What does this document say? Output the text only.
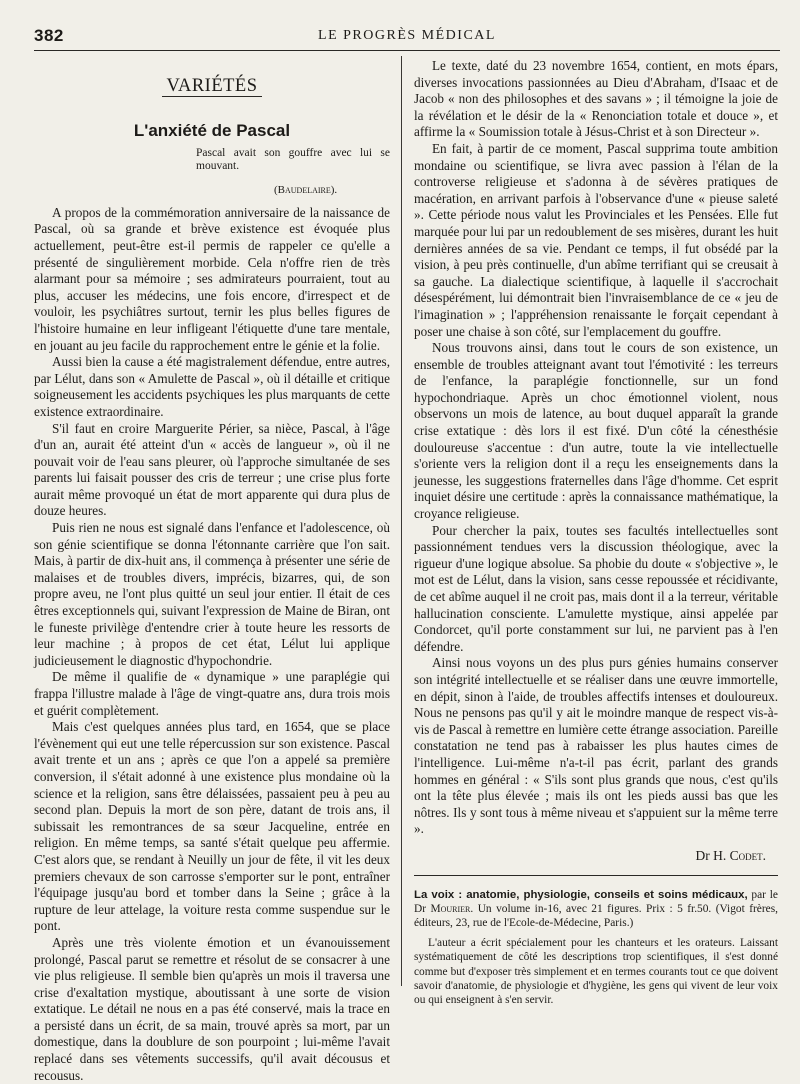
382	LE PROGRÈS MÉDICAL
VARIÉTÉS
L'anxiété de Pascal
Pascal avait son gouffre avec lui se mouvant.
(Baudelaire).

A propos de la commémoration anniversaire de la naissance de Pascal, où sa grande et brève existence est évoquée plus actuellement, peut-être est-il permis de rappeler ce qu'elle a présenté de singulièrement morbide. Cela n'offre rien de très alarmant pour sa mémoire ; ses admirateurs pourraient, tout au plus, accuser les médecins, une fois encore, d'irrespect et de vouloir, les psychiâtres surtout, ternir les plus belles figures de l'histoire humaine en leur infligeant l'étiquette d'une tare mentale, en jouant au jeu facile du rapprochement entre le génie et la folie.

Aussi bien la cause a été magistralement défendue, entre autres, par Lélut, dans son « Amulette de Pascal », où il détaille et critique soigneusement les accidents psychiques les plus marquants de cette existence extraordinaire.

S'il faut en croire Marguerite Périer, sa nièce, Pascal, à l'âge d'un an, aurait été atteint d'un « accès de langueur », où il ne pouvait voir de l'eau sans pleurer, où l'approche simultanée de ses parents lui faisait pousser des cris de terreur ; une crise plus forte aurait même provoqué un état de mort apparente qui dura plus de douze heures.

Puis rien ne nous est signalé dans l'enfance et l'adolescence, où son génie scientifique se donna l'étonnante carrière que l'on sait. Mais, à partir de dix-huit ans, il commença à présenter une série de malaises et de troubles divers, imprécis, bizarres, qui, de son propre aveu, ne l'ont plus quitté un seul jour entier. Il était de ces êtres exceptionnels qui, suivant l'expression de Maine de Biran, ont le funeste privilège d'entendre crier à toute heure les ressorts de leur machine ; à propos de cet état, Lélut lui applique judicieusement le diagnostic d'hypochondrie.

De même il qualifie de « dynamique » une paraplégie qui frappa l'illustre malade à l'âge de vingt-quatre ans, dura trois mois et guérit complètement.

Mais c'est quelques années plus tard, en 1654, que se place l'évènement qui eut une telle répercussion sur son existence. Pascal avait trente et un ans ; après ce que l'on a appelé sa première conversion, il s'était adonné à une existence plus mondaine où la science et la religion, sans être délaissées, passaient peu à peu au second plan. Depuis la mort de son père, datant de trois ans, il subissait les remontrances de sa sœur Jacqueline, entrée en religion. En même temps, sa santé s'était quelque peu affermie. C'est alors que, se rendant à Neuilly un jour de fête, il vit les deux premiers chevaux de son carrosse s'emporter sur le pont, entraîner l'équipage jusqu'au bord et tomber dans la Seine ; grâce à la rupture de leur attelage, la voiture resta comme suspendue sur le pont.

Après une très violente émotion et un évanouissement prolongé, Pascal parut se remettre et résolut de se consacrer à une vie plus religieuse. Il semble bien qu'après un mois il traversa une crise d'exaltation mystique, aboutissant à une sorte de vision extatique. Le détail ne nous en a pas été conservé, mais la trace en a persisté dans un écrit, de sa main, trouvé après sa mort, par un domestique, dans la doublure de son pourpoint ; lui-même l'avait replacé dans ses vêtements successifs, qu'il avait décousus et recousus.

Le texte, daté du 23 novembre 1654, contient, en mots épars, diverses invocations passionnées au Dieu d'Abraham, d'Isaac et de Jacob « non des philosophes et des savans » ; il témoigne la joie de la révélation et le désir de la « Renonciation totale et douce », et affirme la « Soumission totale à Jésus-Christ et à son Directeur ».

En fait, à partir de ce moment, Pascal supprima toute ambition mondaine ou scientifique, se livra avec passion à l'élan de la controverse religieuse et s'adonna à de sévères pratiques de macération, en arrivant parfois à l'observance d'une « pieuse saleté ». Cette période nous valut les Provinciales et les Pensées. Elle fut marquée pour lui par un redoublement de ses misères, durant les huit dernières années de sa vie. Pendant ce temps, il fut obsédé par la vision, à peu près continuelle, d'un abîme terrifiant qui se creusait à sa gauche. La dialectique scientifique, à laquelle il s'accrochait désespérément, lui démontrait bien l'invraisemblance de ce « jeu de l'imagination » ; l'appréhension renaissante le forçait cependant à poser une chaise à son côté, sur l'emplacement du gouffre.

Nous trouvons ainsi, dans tout le cours de son existence, un ensemble de troubles atteignant avant tout l'émotivité : les terreurs de l'enfance, la paraplégie fonctionnelle, sur un fond hypochondriaque. Après un choc émotionnel violent, nous observons un mois de latence, au bout duquel apparaît la grande crise extatique : dès lors il est fixé. D'un côté la cénesthésie douloureuse s'accentue : d'un autre, toute la vie intellectuelle s'oriente vers la religion dont il a reçu les enseignements dans la jeunesse, les suggestions fraternelles dans l'âge d'homme. Cet esprit inquiet désire une certitude : après la connaissance mathématique, la croyance religieuse.

Pour chercher la paix, toutes ses facultés intellectuelles sont passionnément tendues vers la discussion théologique, avec la rigueur d'une logique absolue. Sa phobie du doute « s'objective », le mot est de Lélut, dans la vision, sans cesse repoussée et récidivante, de cet abîme auquel il ne croit pas, mais dont il a la terreur, véritable hallucination consciente. L'amulette mystique, ainsi appelée par Condorcet, qu'il porte constamment sur lui, ne parvient pas à l'en défendre.

Ainsi nous voyons un des plus purs génies humains conserver son intégrité intellectuelle et se réaliser dans une œuvre immortelle, en dépit, sinon à l'aide, de troubles affectifs intenses et douloureux. Nous ne pensons pas qu'il y ait le moindre manque de respect vis-à-vis de Pascal à remettre en lumière cette étrange association. Pareille constatation ne tend pas à rabaisser les plus hautes cimes de l'intelligence. Lui-même n'a-t-il pas écrit, parlant des grands hommes en général : « S'ils sont plus grands que nous, c'est qu'ils ont la tête plus élevée ; mais ils ont les pieds aussi bas que les nôtres. Ils y sont tous à même niveau et s'appuient sur la même terre ».

Dr H. Codet.
La voix : anatomie, physiologie, conseils et soins médicaux, par le Dr Mourier. Un volume in-16, avec 21 figures. Prix : 5 fr.50. (Vigot frères, éditeurs, 23, rue de l'Ecole-de-Médecine, Paris.)

L'auteur a écrit spécialement pour les chanteurs et les orateurs. Laissant systématiquement de côté les descriptions trop scientifiques, il s'est donné comme but d'exposer très simplement et en termes courants tout ce que doivent savoir d'anatomie, de physiologie et d'hygiène, les gens qui vivent de leur voix ou qui enseignent à s'en servir.
